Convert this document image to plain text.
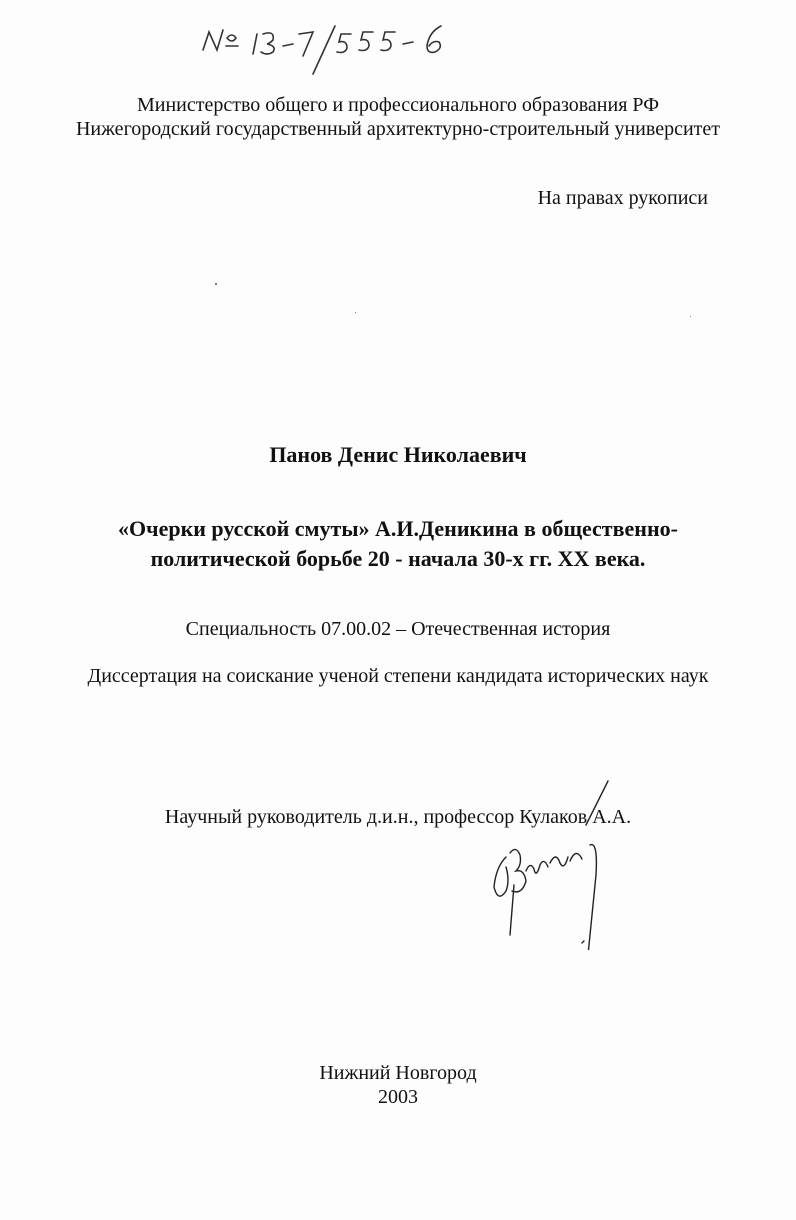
Министерство общего и профессионального образования РФ
Нижегородский государственный архитектурно-строительный университет
На правах рукописи
Панов Денис Николаевич
«Очерки русской смуты» А.И.Деникина в общественно-
политической борьбе 20 - начала 30-х гг. XX века.
Специальность 07.00.02 – Отечественная история
Диссертация на соискание ученой степени кандидата исторических наук
Научный руководитель д.и.н., профессор Кулаков А.А.
Нижний Новгород
2003
